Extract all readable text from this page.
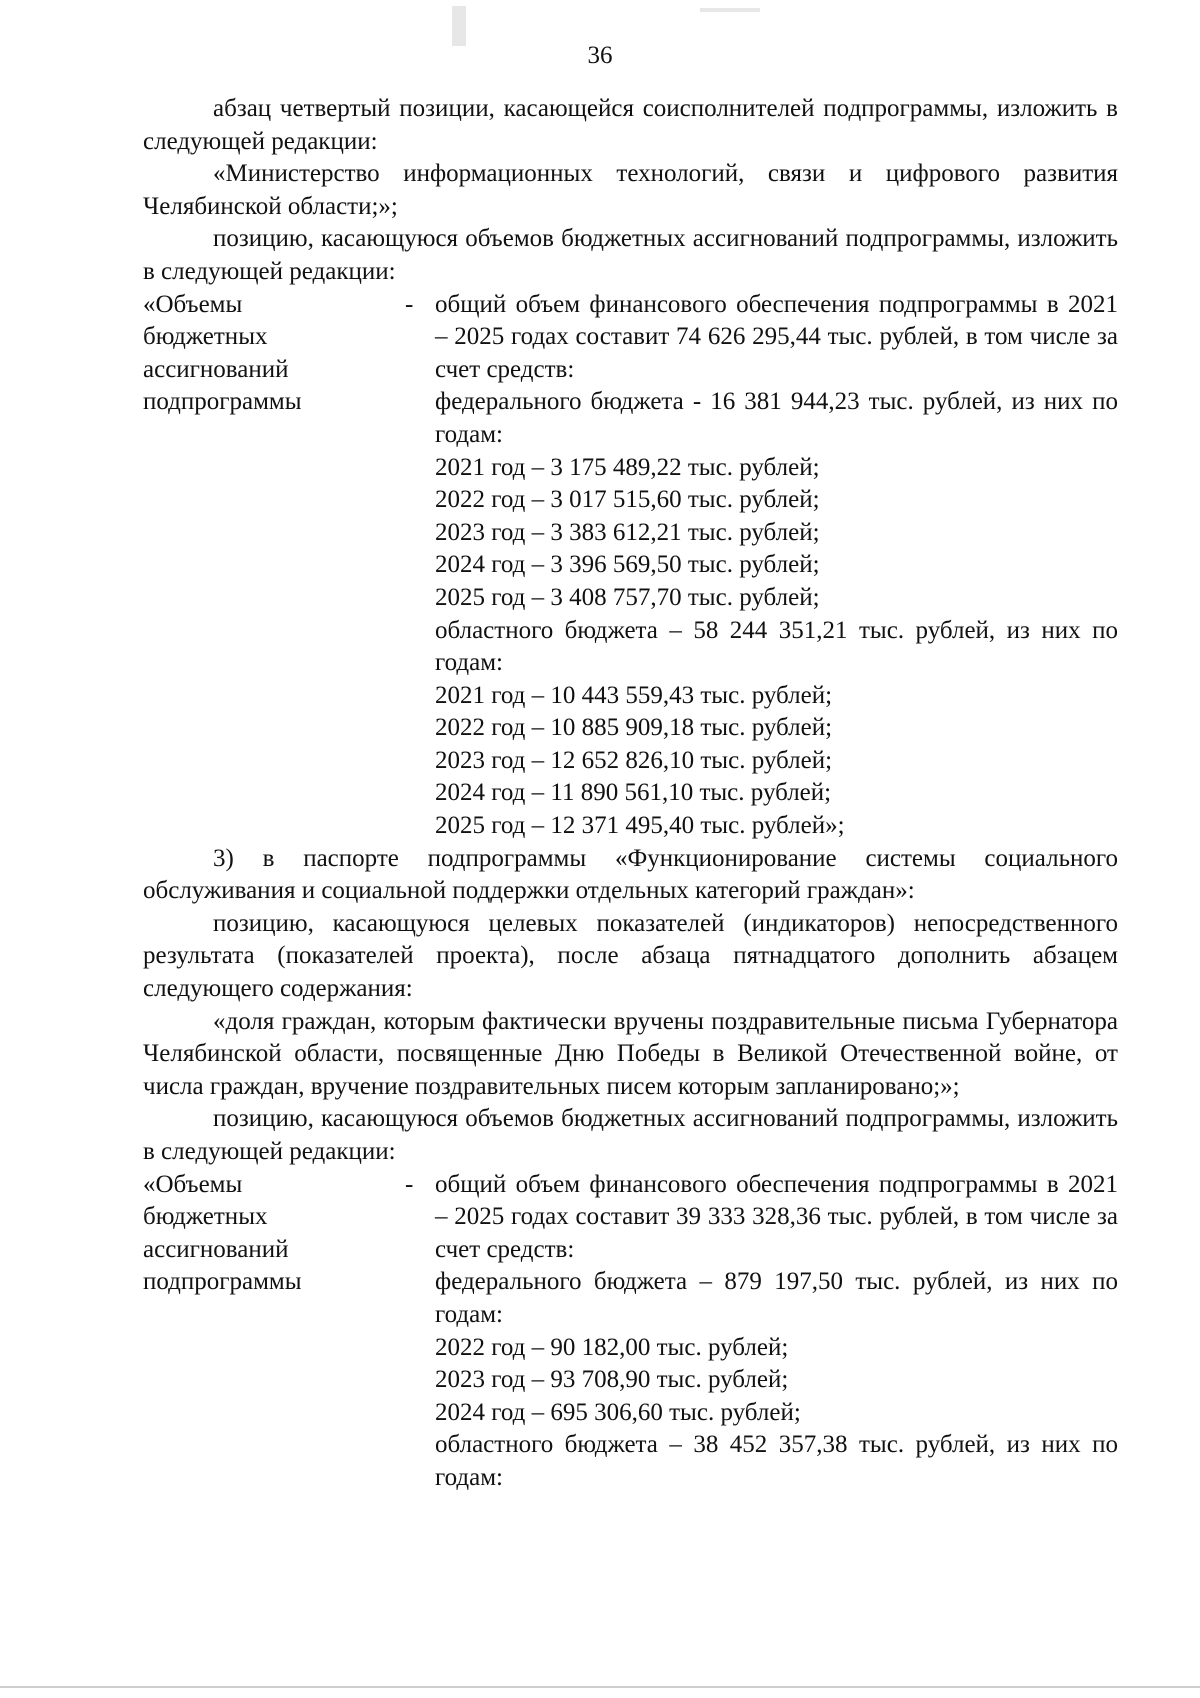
36

абзац четвертый позиции, касающейся соисполнителей подпрограммы, изложить в следующей редакции:

«Министерство информационных технологий, связи и цифрового развития Челябинской области;»;

позицию, касающуюся объемов бюджетных ассигнований подпрограммы, изложить в следующей редакции:

«Объемы
бюджетных
ассигнований
подпрограммы
- общий объем финансового обеспечения подпрограммы в 2021 – 2025 годах составит 74 626 295,44 тыс. рублей, в том числе за счет средств:

федерального бюджета - 16 381 944,23 тыс. рублей, из них по годам:

2021 год – 3 175 489,22 тыс. рублей;

2022 год – 3 017 515,60 тыс. рублей;

2023 год – 3 383 612,21 тыс. рублей;

2024 год – 3 396 569,50 тыс. рублей;

2025 год – 3 408 757,70 тыс. рублей;

областного бюджета – 58 244 351,21 тыс. рублей, из них по годам:

2021 год – 10 443 559,43 тыс. рублей;

2022 год – 10 885 909,18 тыс. рублей;

2023 год – 12 652 826,10 тыс. рублей;

2024 год – 11 890 561,10 тыс. рублей;

2025 год – 12 371 495,40 тыс. рублей»;

3) в паспорте подпрограммы «Функционирование системы социального обслуживания и социальной поддержки отдельных категорий граждан»:

позицию, касающуюся целевых показателей (индикаторов) непосредственного результата (показателей проекта), после абзаца пятнадцатого дополнить абзацем следующего содержания:

«доля граждан, которым фактически вручены поздравительные письма Губернатора Челябинской области, посвященные Дню Победы в Великой Отечественной войне, от числа граждан, вручение поздравительных писем которым запланировано;»;

позицию, касающуюся объемов бюджетных ассигнований подпрограммы, изложить в следующей редакции:

«Объемы
бюджетных
ассигнований
подпрограммы
- общий объем финансового обеспечения подпрограммы в 2021 – 2025 годах составит 39 333 328,36 тыс. рублей, в том числе за счет средств:

федерального бюджета – 879 197,50 тыс. рублей, из них по годам:

2022 год – 90 182,00 тыс. рублей;

2023 год – 93 708,90 тыс. рублей;

2024 год – 695 306,60 тыс. рублей;

областного бюджета – 38 452 357,38 тыс. рублей, из них по годам:
